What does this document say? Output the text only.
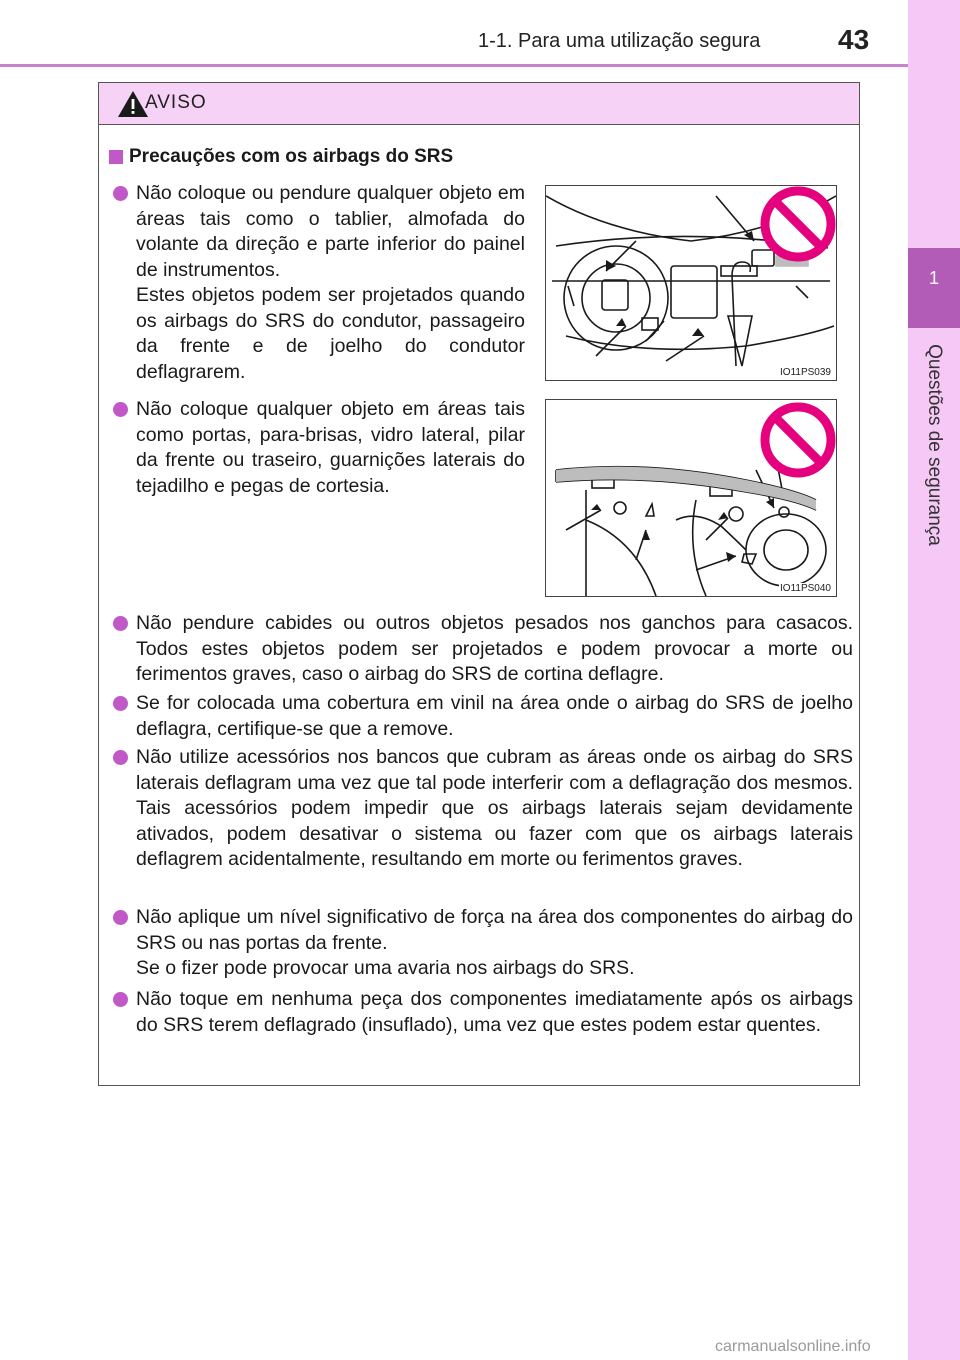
1-1. Para uma utilização segura	43
1
Questões de segurança
AVISO
Precauções com os airbags do SRS
Não coloque ou pendure qualquer objeto em áreas tais como o tablier, almofada do volante da direção e parte inferior do painel de instrumentos.
Estes objetos podem ser projetados quando os airbags do SRS do condutor, passageiro da frente e de joelho do condutor deflagrarem.	IO11PS039
Não coloque qualquer objeto em áreas tais como portas, para-brisas, vidro lateral, pilar da frente ou traseiro, guarnições laterais do tejadilho e pegas de cortesia.
IO11PS040
Não pendure cabides ou outros objetos pesados nos ganchos para casacos. Todos estes objetos podem ser projetados e podem provocar a morte ou ferimentos graves, caso o airbag do SRS de cortina deflagre.
Se for colocada uma cobertura em vinil na área onde o airbag do SRS de joelho deflagra, certifique-se que a remove.
Não utilize acessórios nos bancos que cubram as áreas onde os airbag do SRS laterais deflagram uma vez que tal pode interferir com a deflagração dos mesmos. Tais acessórios podem impedir que os airbags laterais sejam devidamente ativados, podem desativar o sistema ou fazer com que os airbags laterais deflagrem acidentalmente, resultando em morte ou ferimentos graves.
Não aplique um nível significativo de força na área dos componentes do airbag do SRS ou nas portas da frente.
Se o fizer pode provocar uma avaria nos airbags do SRS.
Não toque em nenhuma peça dos componentes imediatamente após os airbags do SRS terem deflagrado (insuflado), uma vez que estes podem estar quentes.
carmanualsonline.info
